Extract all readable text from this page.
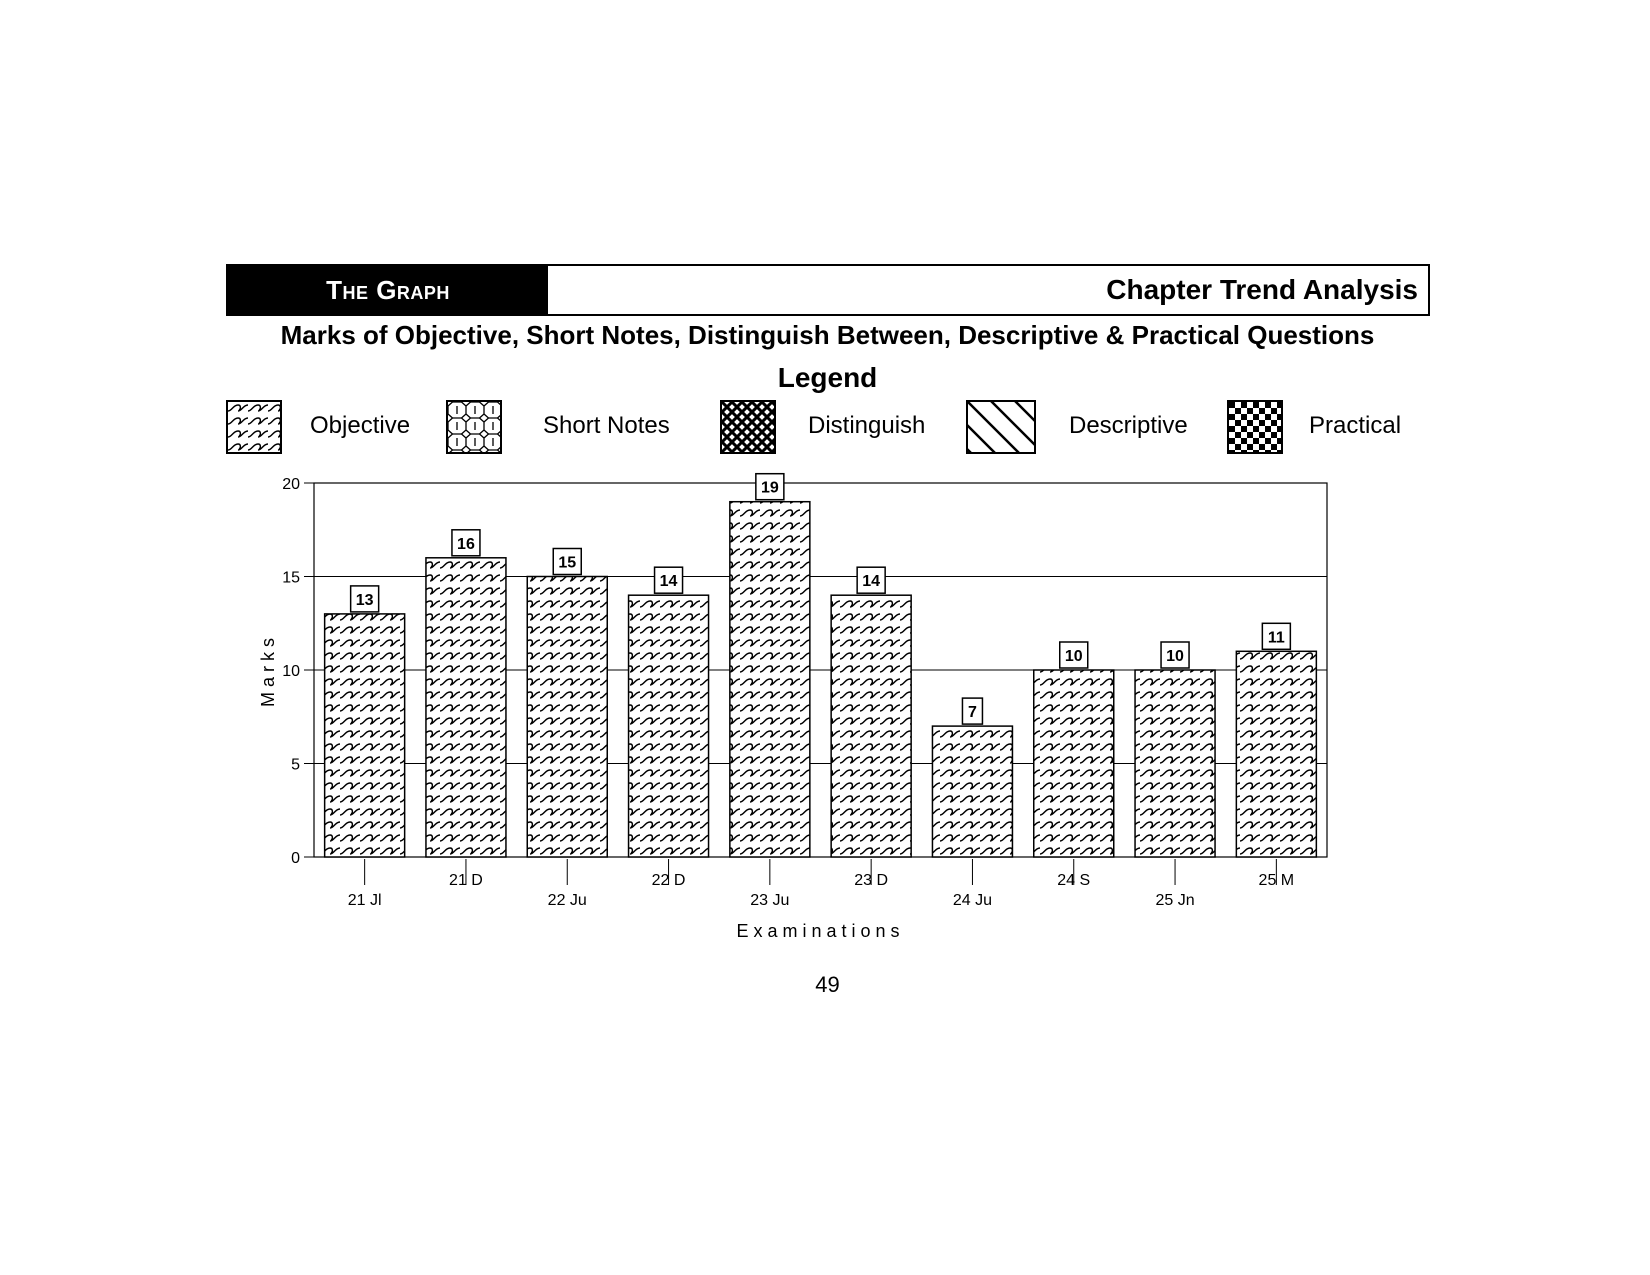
The Graph	Chapter Trend Analysis
Marks of Objective, Short Notes, Distinguish Between, Descriptive & Practical Questions
Legend
Objective	Short Notes	Distinguish	Descriptive	Practical
0
5
10
15
20
13
21 Jl
16
21 D
15
22 Ju
14
22 D
19
23 Ju
14
23 D
7
24 Ju
10
24 S
10
25 Jn
11
25 M
Examinations
Marks
49
